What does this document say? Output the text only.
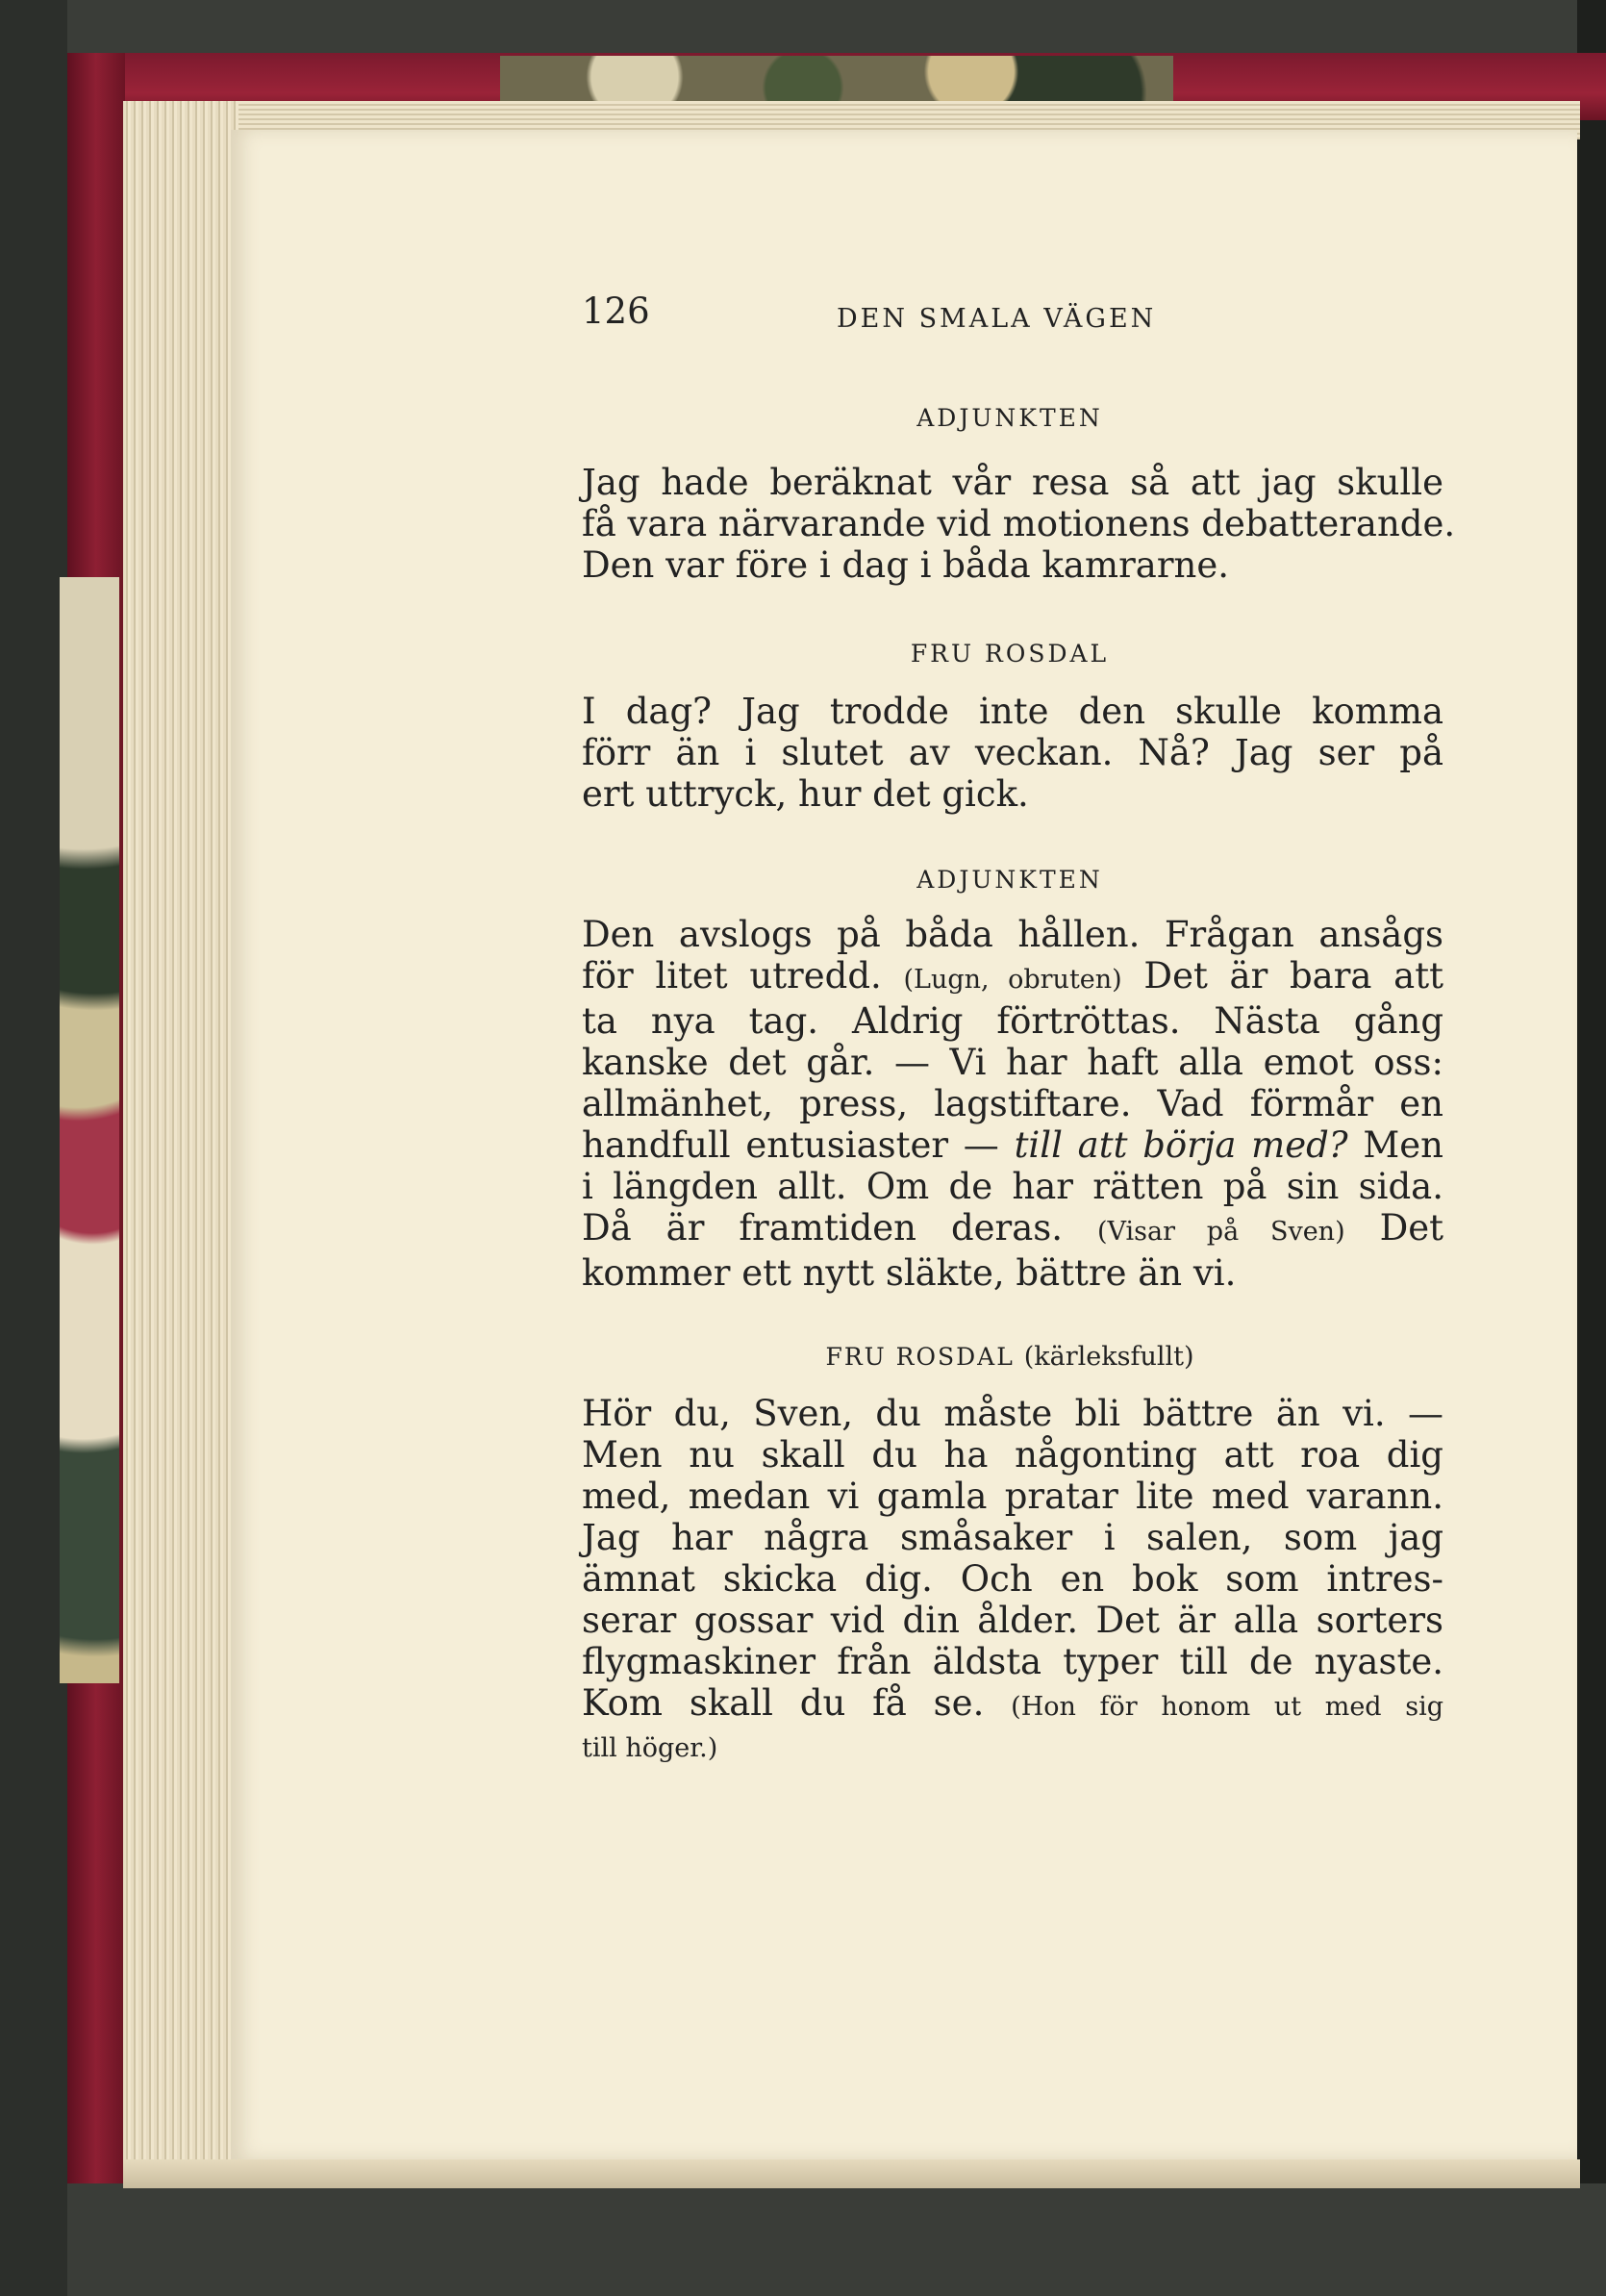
126	DEN SMALA VÄGEN
ADJUNKTEN
Jag hade beräknat vår resa så att jag skulle
få vara närvarande vid motionens debatterande.
Den var före i dag i båda kamrarne.
FRU ROSDAL
I dag? Jag trodde inte den skulle komma
förr än i slutet av veckan. Nå? Jag ser på
ert uttryck, hur det gick.
ADJUNKTEN
Den avslogs på båda hållen. Frågan ansågs
för litet utredd. (Lugn, obruten) Det är bara att
ta nya tag. Aldrig förtröttas. Nästa gång
kanske det går. — Vi har haft alla emot oss:
allmänhet, press, lagstiftare. Vad förmår en
handfull entusiaster — till att börja med? Men
i längden allt. Om de har rätten på sin sida.
Då är framtiden deras. (Visar på Sven) Det
kommer ett nytt släkte, bättre än vi.
FRU ROSDAL (kärleksfullt)
Hör du, Sven, du måste bli bättre än vi. —
Men nu skall du ha någonting att roa dig
med, medan vi gamla pratar lite med varann.
Jag har några småsaker i salen, som jag
ämnat skicka dig. Och en bok som intres-
serar gossar vid din ålder. Det är alla sorters
flygmaskiner från äldsta typer till de nyaste.
Kom skall du få se. (Hon för honom ut med sig
till höger.)
